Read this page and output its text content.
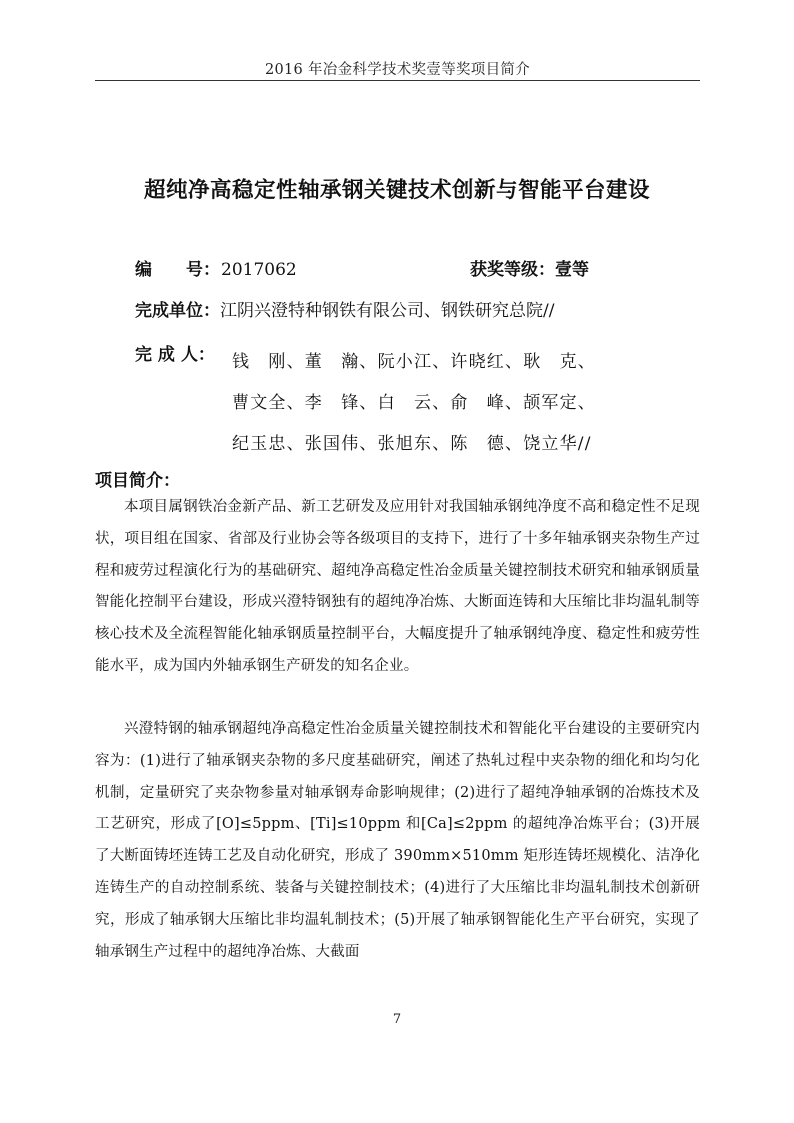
2016 年冶金科学技术奖壹等奖项目简介
超纯净高稳定性轴承钢关键技术创新与智能平台建设
编　　号：2017062	获奖等级：壹等
完成单位：江阴兴澄特种钢铁有限公司、钢铁研究总院//
完 成 人： 钱　刚、董　瀚、阮小江、许晓红、耿　克、
曹文全、李　锋、白　云、俞　峰、颉军定、
纪玉忠、张国伟、张旭东、陈　德、饶立华//
项目简介：

本项目属钢铁冶金新产品、新工艺研发及应用针对我国轴承钢纯净度不高和稳定性不足现状，项目组在国家、省部及行业协会等各级项目的支持下，进行了十多年轴承钢夹杂物生产过程和疲劳过程演化行为的基础研究、超纯净高稳定性冶金质量关键控制技术研究和轴承钢质量智能化控制平台建设，形成兴澄特钢独有的超纯净冶炼、大断面连铸和大压缩比非均温轧制等核心技术及全流程智能化轴承钢质量控制平台，大幅度提升了轴承钢纯净度、稳定性和疲劳性能水平，成为国内外轴承钢生产研发的知名企业。

兴澄特钢的轴承钢超纯净高稳定性冶金质量关键控制技术和智能化平台建设的主要研究内容为：(1)进行了轴承钢夹杂物的多尺度基础研究，阐述了热轧过程中夹杂物的细化和均匀化机制，定量研究了夹杂物参量对轴承钢寿命影响规律；(2)进行了超纯净轴承钢的冶炼技术及工艺研究，形成了[O]≤5ppm、[Ti]≤10ppm 和[Ca]≤2ppm 的超纯净冶炼平台；(3)开展了大断面铸坯连铸工艺及自动化研究，形成了 390mm×510mm 矩形连铸坯规模化、洁净化连铸生产的自动控制系统、装备与关键控制技术；(4)进行了大压缩比非均温轧制技术创新研究，形成了轴承钢大压缩比非均温轧制技术；(5)开展了轴承钢智能化生产平台研究，实现了轴承钢生产过程中的超纯净冶炼、大截面

7
